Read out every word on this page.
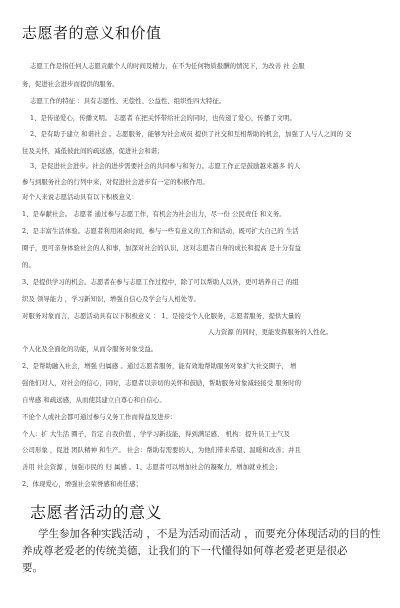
志愿者的意义和价值
志愿工作是指任何人志愿贡献个人的时间及精力，在不为任何物质报酬的情况下，为改善 社 会服
务，促进社会进步而提供的服务。
志愿工作的特征 ：具有志愿性、无偿性、公益性、组织性四大特征。
1、是传递爱心，传播文明。 志愿者 在把关怀带给社会的同时，也传递了爱心，传播了文明。
2、是有助于建立 和谐社会 。志愿服务，能够为社会成员 提供了社交和互相帮助的机会，加强了人与人之间的 交
往及关怀，减低彼此间的疏远感，促进社会和谐；
3、是促进社会进步。社会的进步需要社会的共同参与和努力。志愿工作正是鼓励越来越多 的人
参与到服务社会的行列中来，对促进社会进步有一定的积极作用。
对个人来说志愿活动具有以下积极意义：
1、是奉献社会。 志愿者 通过参与志愿工作，有机会为社会出力，尽一份 公民责任 和义务。
2、是丰富生活体验。志愿者利用闲余时间，参与一些有意义的工作和活动，既可扩大自己的 生活
圈子，更可亲身体验社会的人和事，加深对社会的认识，这对志愿者自身的成长和提高 是十分有益
的。
3、是提供学习的机会。志愿者在参与志愿工作过程中，除了可以帮助人以外，更可培养自己 的组
织及 领导能力 ，学习新知识，增强自信心及学会与人相处等。
对服务对象而言，志愿活动具有以下积极意义 ： 1、是接受个人化服务，志愿者服务，提供大量的
人力资源 的同时，更能发挥服务的人性化。
个人化及全面化的功能，从而令服务对象受益。
2、是帮助融入社会，增强 归属感 。通过志愿者服务，能有效地帮助服务对象扩大社交圈子， 增
强他们对人，对社会的信心，同时，志愿者以亲切的关怀和鼓励，帮助服务对象减轻接受 服务时的
自卑感 和疏远感，从而使其建立自尊心和自信心。
不论个人或社会都可通过参与义务工作而得益及进步：
个人：扩 大生活 圈子，肯定 自我价值 ，学学习新技能，得到满足感， 机构：提升员工士气及
公司形象 ，促进 团队精神 和生产。 社会：帮助有需要的人，为他们带来希望、温暖和改善；并且
善用 社会资源 ，加强市民的 归 属感 。1、志愿者可以增加社会的凝聚力，增加就业机会；
2、体现爱心，增强社会荣誉感和责任感；
志愿者活动的意义
学生参加各种实践活动 ，不是为活动而活动 ，而要充分体现活动的目的性
养成尊老爱老的传统美德，让我们的下一代懂得如何尊老爱老更是很必
要。
